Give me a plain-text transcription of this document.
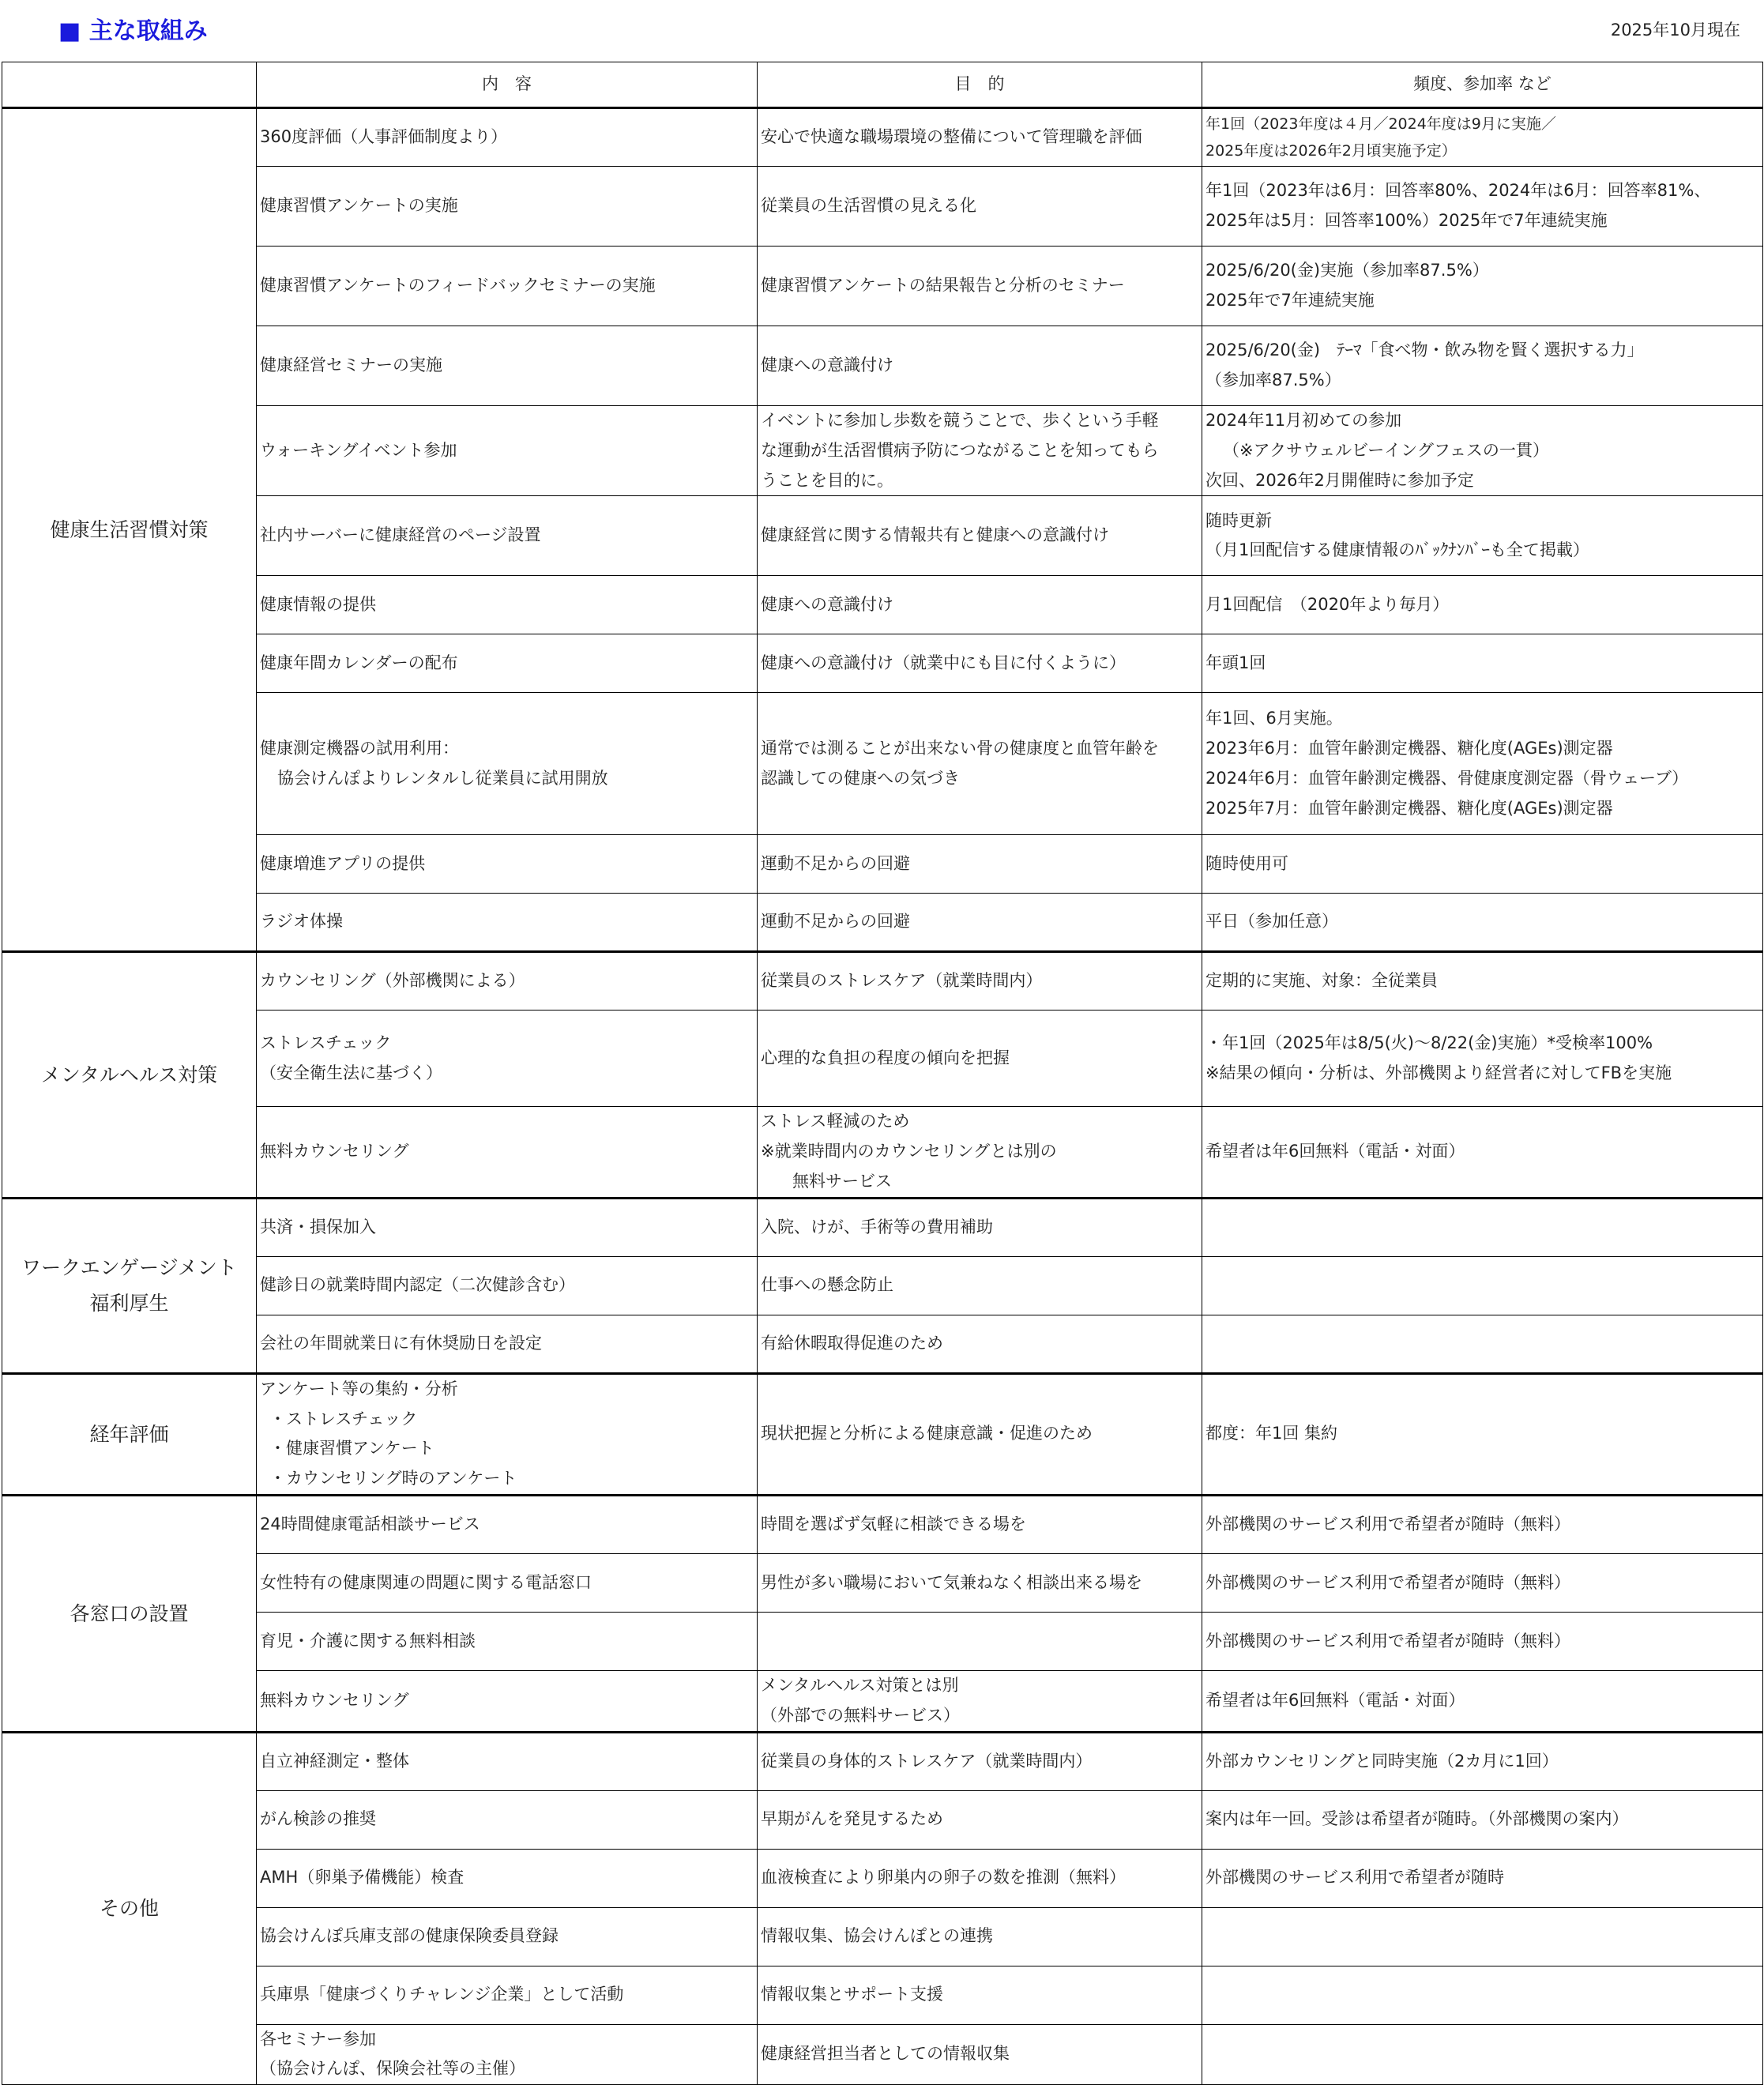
■ 主な取組み	2025年10月現在
	内　容	目　的	頻度、参加率 など

健康生活習慣対策	360度評価（人事評価制度より）	安心で快適な職場環境の整備について管理職を評価	年1回（2023年度は４月／2024年度は9月に実施／
2025年度は2026年2月頃実施予定）

	健康習慣アンケートの実施	従業員の生活習慣の見える化	年1回（2023年は6月：回答率80%、2024年は6月：回答率81%、
2025年は5月：回答率100%）2025年で7年連続実施

	健康習慣アンケートのフィードバックセミナーの実施	健康習慣アンケートの結果報告と分析のセミナー	2025/6/20(金)実施（参加率87.5%）
2025年で7年連続実施

	健康経営セミナーの実施	健康への意識付け	2025/6/20(金)　ﾃｰﾏ「食べ物・飲み物を賢く選択する力」
（参加率87.5%）

	ウォーキングイベント参加	イベントに参加し歩数を競うことで、歩くという手軽
な運動が生活習慣病予防につながることを知ってもら
うことを目的に。	2024年11月初めての参加
（※アクサウェルビーイングフェスの一貫）
次回、2026年2月開催時に参加予定

	社内サーバーに健康経営のページ設置	健康経営に関する情報共有と健康への意識付け	随時更新
（月1回配信する健康情報のﾊﾞｯｸﾅﾝﾊﾞｰも全て掲載）

	健康情報の提供	健康への意識付け	月1回配信　（2020年より毎月）

	健康年間カレンダーの配布	健康への意識付け（就業中にも目に付くように）	年頭1回

	健康測定機器の試用利用：
協会けんぽよりレンタルし従業員に試用開放	通常では測ることが出来ない骨の健康度と血管年齢を
認識しての健康への気づき	年1回、6月実施。
2023年6月：血管年齢測定機器、糖化度(AGEs)測定器
2024年6月：血管年齢測定機器、骨健康度測定器（骨ウェーブ）
2025年7月：血管年齢測定機器、糖化度(AGEs)測定器

	健康増進アプリの提供	運動不足からの回避	随時使用可

	ラジオ体操	運動不足からの回避	平日（参加任意）

メンタルヘルス対策	カウンセリング（外部機関による）	従業員のストレスケア（就業時間内）	定期的に実施、対象：全従業員

	ストレスチェック
（安全衛生法に基づく）	心理的な負担の程度の傾向を把握	・年1回（2025年は8/5(火)～8/22(金)実施）*受検率100%
※結果の傾向・分析は、外部機関より経営者に対してFBを実施

	無料カウンセリング	ストレス軽減のため
※就業時間内のカウンセリングとは別の
無料サービス	希望者は年6回無料（電話・対面）

ワークエンゲージメント
福利厚生	共済・損保加入	入院、けが、手術等の費用補助	

	健診日の就業時間内認定（二次健診含む）	仕事への懸念防止	

	会社の年間就業日に有休奨励日を設定	有給休暇取得促進のため	

経年評価	アンケート等の集約・分析
・ストレスチェック
・健康習慣アンケート
・カウンセリング時のアンケート	現状把握と分析による健康意識・促進のため	都度：年1回 集約

各窓口の設置	24時間健康電話相談サービス	時間を選ばず気軽に相談できる場を	外部機関のサービス利用で希望者が随時（無料）

	女性特有の健康関連の問題に関する電話窓口	男性が多い職場において気兼ねなく相談出来る場を	外部機関のサービス利用で希望者が随時（無料）

	育児・介護に関する無料相談		外部機関のサービス利用で希望者が随時（無料）

	無料カウンセリング	メンタルヘルス対策とは別
（外部での無料サービス）	希望者は年6回無料（電話・対面）

その他	自立神経測定・整体	従業員の身体的ストレスケア（就業時間内）	外部カウンセリングと同時実施（2カ月に1回）

	がん検診の推奨	早期がんを発見するため	案内は年一回。受診は希望者が随時。（外部機関の案内）

	AMH（卵巣予備機能）検査	血液検査により卵巣内の卵子の数を推測（無料）	外部機関のサービス利用で希望者が随時

	協会けんぽ兵庫支部の健康保険委員登録	情報収集、協会けんぽとの連携	

	兵庫県「健康づくりチャレンジ企業」として活動	情報収集とサポート支援	

	各セミナー参加
（協会けんぽ、保険会社等の主催）	健康経営担当者としての情報収集	
